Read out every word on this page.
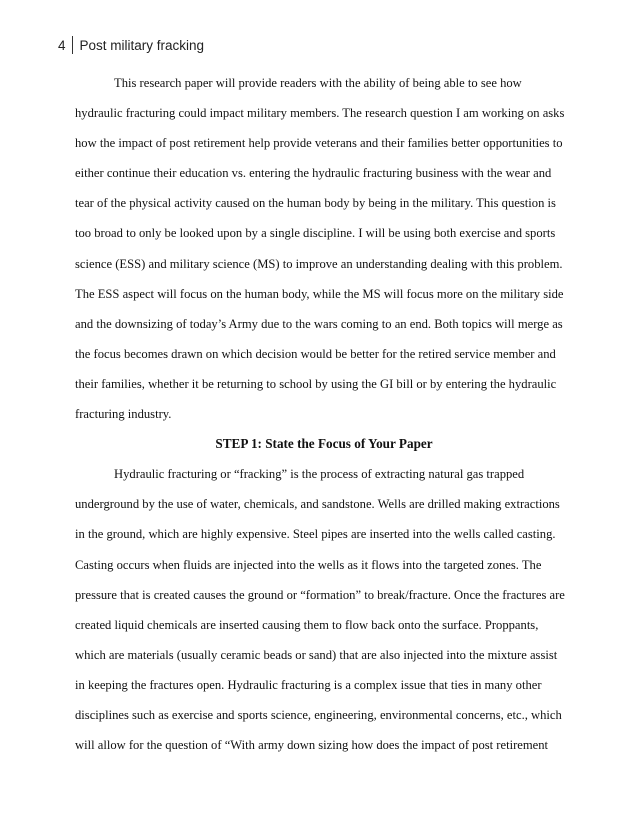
4	Post military fracking
This research paper will provide readers with the ability of being able to see how
hydraulic fracturing could impact military members. The research question I am working on asks
how the impact of post retirement help provide veterans and their families better opportunities to
either continue their education vs. entering the hydraulic fracturing business with the wear and
tear of the physical activity caused on the human body by being in the military. This question is
too broad to only be looked upon by a single discipline. I will be using both exercise and sports
science (ESS) and military science (MS) to improve an understanding dealing with this problem.
The ESS aspect will focus on the human body, while the MS will focus more on the military side
and the downsizing of today’s Army due to the wars coming to an end. Both topics will merge as
the focus becomes drawn on which decision would be better for the retired service member and
their families, whether it be returning to school by using the GI bill or by entering the hydraulic
fracturing industry.
STEP 1: State the Focus of Your Paper
Hydraulic fracturing or “fracking” is the process of extracting natural gas trapped
underground by the use of water, chemicals, and sandstone. Wells are drilled making extractions
in the ground, which are highly expensive. Steel pipes are inserted into the wells called casting.
Casting occurs when fluids are injected into the wells as it flows into the targeted zones. The
pressure that is created causes the ground or “formation” to break/fracture. Once the fractures are
created liquid chemicals are inserted causing them to flow back onto the surface. Proppants,
which are materials (usually ceramic beads or sand) that are also injected into the mixture assist
in keeping the fractures open. Hydraulic fracturing is a complex issue that ties in many other
disciplines such as exercise and sports science, engineering, environmental concerns, etc., which
will allow for the question of “With army down sizing how does the impact of post retirement
